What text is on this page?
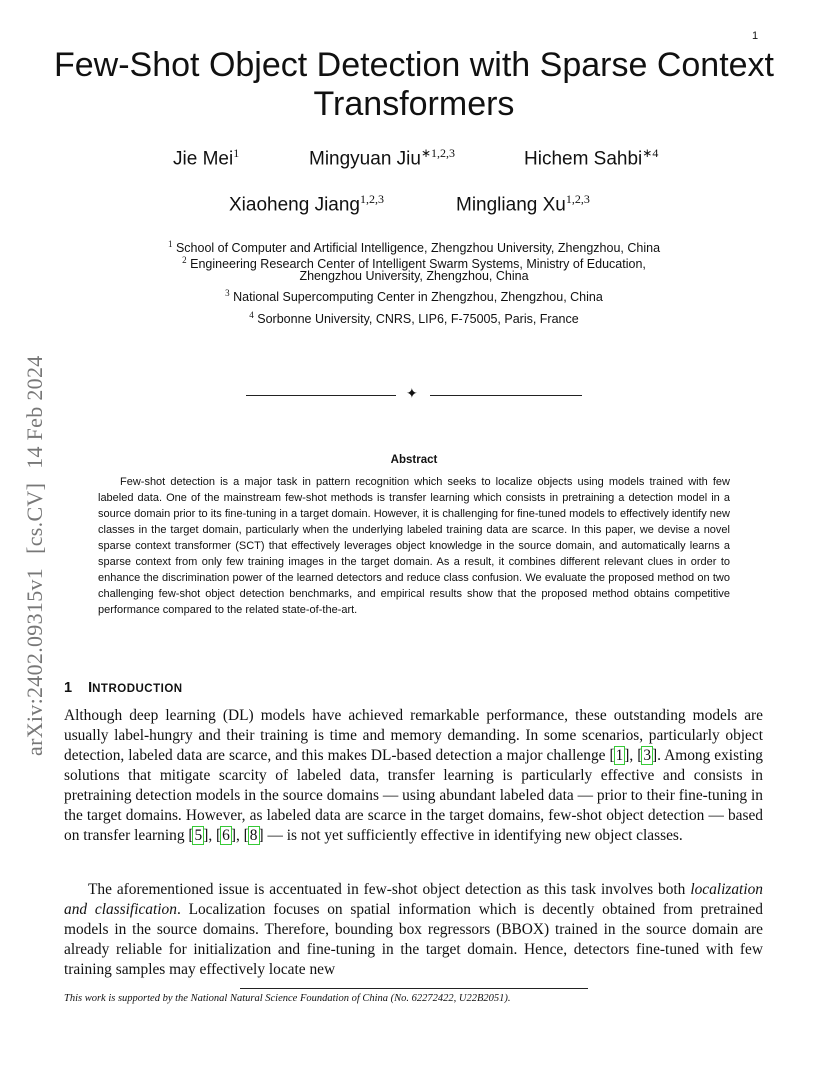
1
Few-Shot Object Detection with Sparse Context Transformers
Jie Mei$^1$	Mingyuan Jiu$^{∗1,2,3}$	Hichem Sahbi$^{∗4}$
Xiaoheng Jiang$^{1,2,3}$	Mingliang Xu$^{1,2,3}$
$^1$ School of Computer and Artificial Intelligence, Zhengzhou University, Zhengzhou, China
$^2$ Engineering Research Center of Intelligent Swarm Systems, Ministry of Education,
Zhengzhou University, Zhengzhou, China
$^3$ National Supercomputing Center in Zhengzhou, Zhengzhou, China
$^4$ Sorbonne University, CNRS, LIP6, F-75005, Paris, France
✦
Abstract

Few-shot detection is a major task in pattern recognition which seeks to localize objects using models trained with few labeled data. One of the mainstream few-shot methods is transfer learning which consists in pretraining a detection model in a source domain prior to its fine-tuning in a target domain. However, it is challenging for fine-tuned models to effectively identify new classes in the target domain, particularly when the underlying labeled training data are scarce. In this paper, we devise a novel sparse context transformer (SCT) that effectively leverages object knowledge in the source domain, and automatically learns a sparse context from only few training images in the target domain. As a result, it combines different relevant clues in order to enhance the discrimination power of the learned detectors and reduce class confusion. We evaluate the proposed method on two challenging few-shot object detection benchmarks, and empirical results show that the proposed method obtains competitive performance compared to the related state-of-the-art.

1 INTRODUCTION

Although deep learning (DL) models have achieved remarkable performance, these outstanding models are usually label-hungry and their training is time and memory demanding. In some scenarios, particularly object detection, labeled data are scarce, and this makes DL-based detection a major challenge [1], [3]. Among existing solutions that mitigate scarcity of labeled data, transfer learning is particularly effective and consists in pretraining detection models in the source domains — using abundant labeled data — prior to their fine-tuning in the target domains. However, as labeled data are scarce in the target domains, few-shot object detection — based on transfer learning [5], [6], [8] — is not yet sufficiently effective in identifying new object classes.

The aforementioned issue is accentuated in few-shot object detection as this task involves both localization and classification. Localization focuses on spatial information which is decently obtained from pretrained models in the source domains. Therefore, bounding box regressors (BBOX) trained in the source domain are already reliable for initialization and fine-tuning in the target domain. Hence, detectors fine-tuned with few training samples may effectively locate new

This work is supported by the National Natural Science Foundation of China (No. 62272422, U22B2051).
arXiv:2402.09315v1[cs.CV]14 Feb 2024
